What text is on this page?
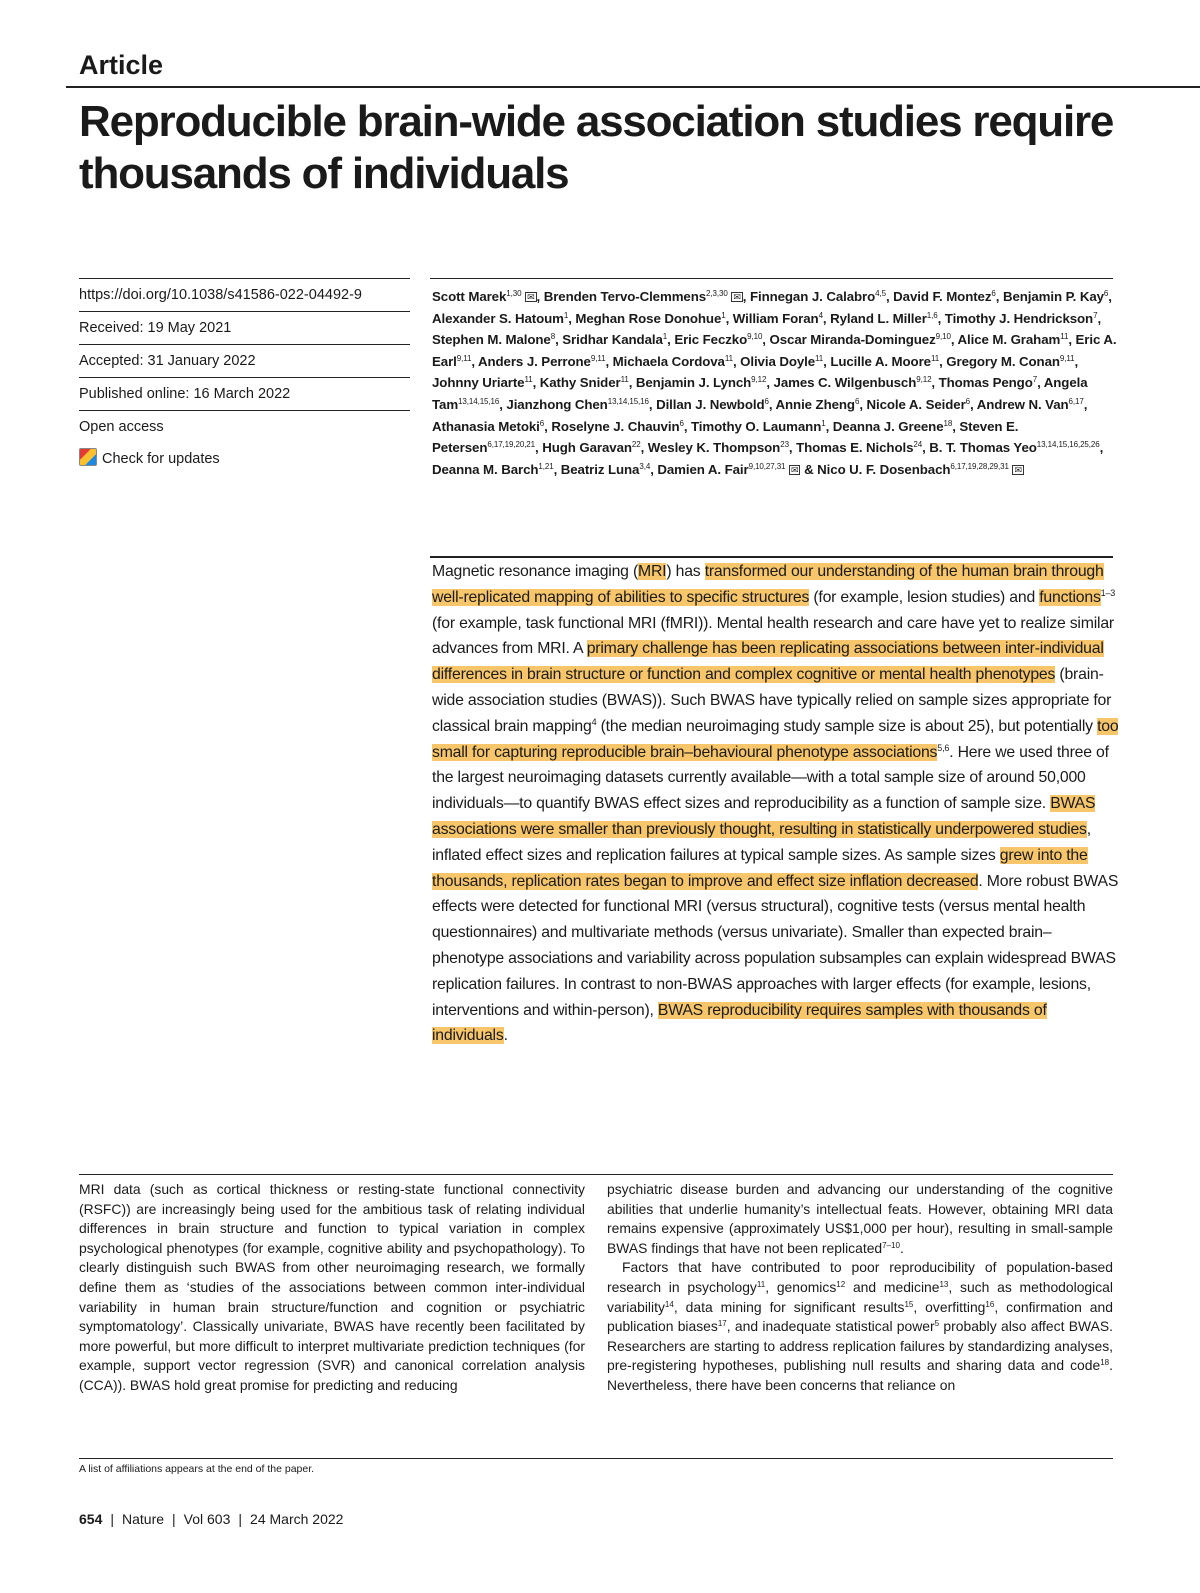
Article
Reproducible brain-wide association studies require thousands of individuals
https://doi.org/10.1038/s41586-022-04492-9
Received: 19 May 2021
Accepted: 31 January 2022
Published online: 16 March 2022
Open access
Check for updates
Scott Marek$^{1,30}$ ✉ , Brenden Tervo-Clemmens$^{2,3,30}$ ✉ , Finnegan J. Calabro$^{4,5}$, David F. Montez$^6$, Benjamin P. Kay$^6$, Alexander S. Hatoum$^1$, Meghan Rose Donohue$^1$, William Foran$^4$, Ryland L. Miller$^{1,6}$, Timothy J. Hendrickson$^7$, Stephen M. Malone$^8$, Sridhar Kandala$^1$, Eric Feczko$^{9,10}$, Oscar Miranda-Dominguez$^{9,10}$, Alice M. Graham$^{11}$, Eric A. Earl$^{9,11}$, Anders J. Perrone$^{9,11}$, Michaela Cordova$^{11}$, Olivia Doyle$^{11}$, Lucille A. Moore$^{11}$, Gregory M. Conan$^{9,11}$, Johnny Uriarte$^{11}$, Kathy Snider$^{11}$, Benjamin J. Lynch$^{9,12}$, James C. Wilgenbusch$^{9,12}$, Thomas Pengo$^7$, Angela Tam$^{13,14,15,16}$, Jianzhong Chen$^{13,14,15,16}$, Dillan J. Newbold$^6$, Annie Zheng$^6$, Nicole A. Seider$^6$, Andrew N. Van$^{6,17}$, Athanasia Metoki$^6$, Roselyne J. Chauvin$^6$, Timothy O. Laumann$^1$, Deanna J. Greene$^{18}$, Steven E. Petersen$^{6,17,19,20,21}$, Hugh Garavan$^{22}$, Wesley K. Thompson$^{23}$, Thomas E. Nichols$^{24}$, B. T. Thomas Yeo$^{13,14,15,16,25,26}$, Deanna M. Barch$^{1,21}$, Beatriz Luna$^{3,4}$, Damien A. Fair$^{9,10,27,31}$ ✉ & Nico U. F. Dosenbach$^{6,17,19,28,29,31}$ ✉
Magnetic resonance imaging (MRI) has transformed our understanding of the human brain through well-replicated mapping of abilities to specific structures (for example, lesion studies) and functions$^{1-3}$ (for example, task functional MRI (fMRI)). Mental health research and care have yet to realize similar advances from MRI. A primary challenge has been replicating associations between inter-individual differences in brain structure or function and complex cognitive or mental health phenotypes (brain-wide association studies (BWAS)). Such BWAS have typically relied on sample sizes appropriate for classical brain mapping$^4$ (the median neuroimaging study sample size is about 25), but potentially too small for capturing reproducible brain–behavioural phenotype associations$^{5,6}$. Here we used three of the largest neuroimaging datasets currently available—with a total sample size of around 50,000 individuals—to quantify BWAS effect sizes and reproducibility as a function of sample size. BWAS associations were smaller than previously thought, resulting in statistically underpowered studies, inflated effect sizes and replication failures at typical sample sizes. As sample sizes grew into the thousands, replication rates began to improve and effect size inflation decreased. More robust BWAS effects were detected for functional MRI (versus structural), cognitive tests (versus mental health questionnaires) and multivariate methods (versus univariate). Smaller than expected brain–phenotype associations and variability across population subsamples can explain widespread BWAS replication failures. In contrast to non-BWAS approaches with larger effects (for example, lesions, interventions and within-person), BWAS reproducibility requires samples with thousands of individuals.

MRI data (such as cortical thickness or resting-state functional connectivity (RSFC)) are increasingly being used for the ambitious task of relating individual differences in brain structure and function to typical variation in complex psychological phenotypes (for example, cognitive ability and psychopathology). To clearly distinguish such BWAS from other neuroimaging research, we formally define them as ‘studies of the associations between common inter-individual variability in human brain structure/function and cognition or psychiatric symptomatology’. Classically univariate, BWAS have recently been facilitated by more powerful, but more difficult to interpret multivariate prediction techniques (for example, support vector regression (SVR) and canonical correlation analysis (CCA)). BWAS hold great promise for predicting and reducing

psychiatric disease burden and advancing our understanding of the cognitive abilities that underlie humanity’s intellectual feats. However, obtaining MRI data remains expensive (approximately US$1,000 per hour), resulting in small-sample BWAS findings that have not been replicated$^{7-10}$.

Factors that have contributed to poor reproducibility of population-based research in psychology$^{11}$, genomics$^{12}$ and medicine$^{13}$, such as methodological variability$^{14}$, data mining for significant results$^{15}$, overfitting$^{16}$, confirmation and publication biases$^{17}$, and inadequate statistical power$^5$ probably also affect BWAS. Researchers are starting to address replication failures by standardizing analyses, pre-registering hypotheses, publishing null results and sharing data and code$^{18}$. Nevertheless, there have been concerns that reliance on

A list of affiliations appears at the end of the paper.
654 | Nature | Vol 603 | 24 March 2022
